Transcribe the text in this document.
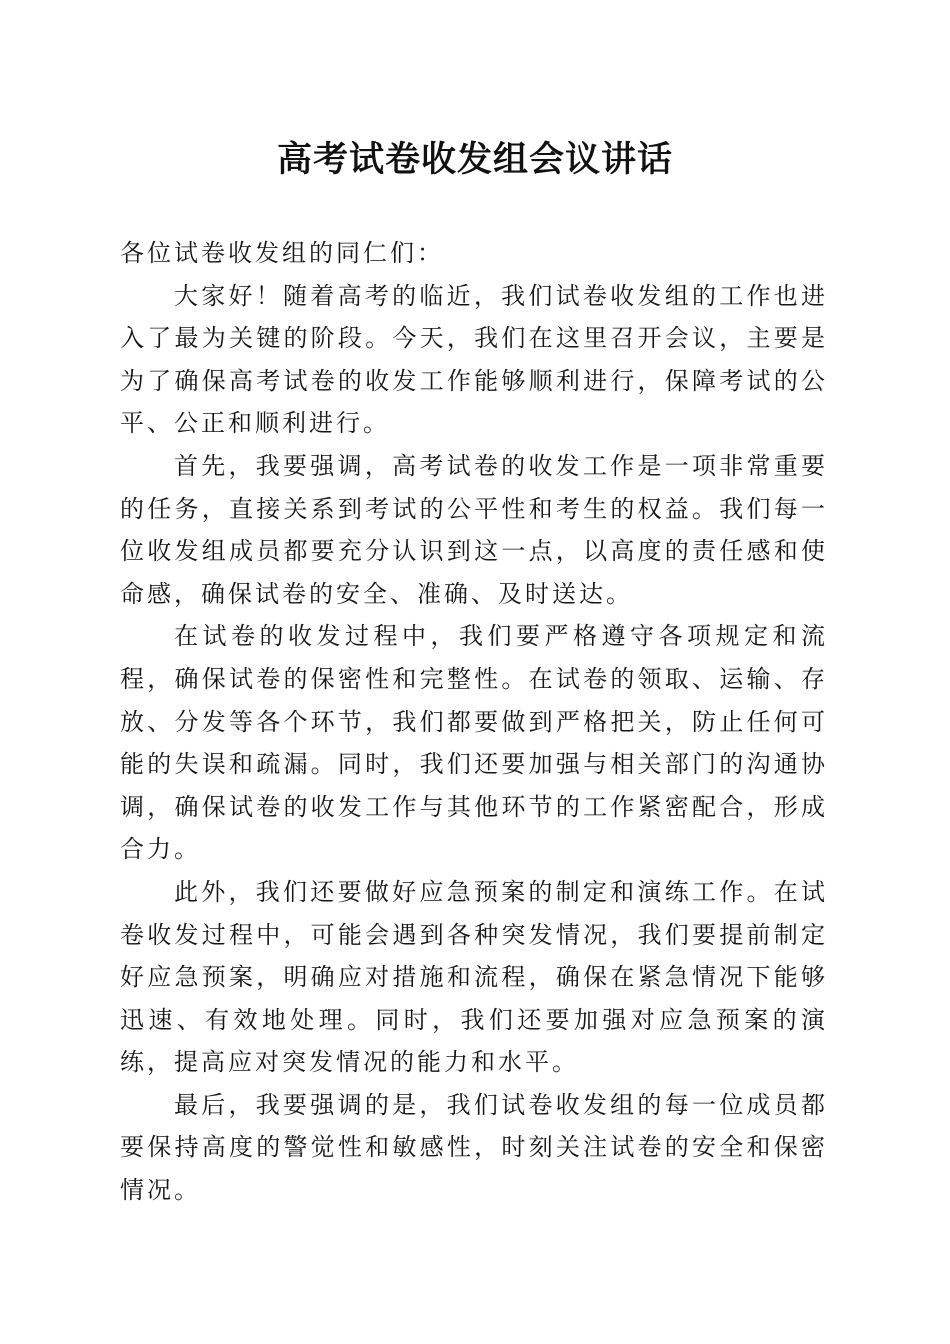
高考试卷收发组会议讲话

各位试卷收发组的同仁们：

大家好！随着高考的临近，我们试卷收发组的工作也进入了最为关键的阶段。今天，我们在这里召开会议，主要是为了确保高考试卷的收发工作能够顺利进行，保障考试的公平、公正和顺利进行。

首先，我要强调，高考试卷的收发工作是一项非常重要的任务，直接关系到考试的公平性和考生的权益。我们每一位收发组成员都要充分认识到这一点，以高度的责任感和使命感，确保试卷的安全、准确、及时送达。

在试卷的收发过程中，我们要严格遵守各项规定和流程，确保试卷的保密性和完整性。在试卷的领取、运输、存放、分发等各个环节，我们都要做到严格把关，防止任何可能的失误和疏漏。同时，我们还要加强与相关部门的沟通协调，确保试卷的收发工作与其他环节的工作紧密配合，形成合力。

此外，我们还要做好应急预案的制定和演练工作。在试卷收发过程中，可能会遇到各种突发情况，我们要提前制定好应急预案，明确应对措施和流程，确保在紧急情况下能够迅速、有效地处理。同时，我们还要加强对应急预案的演练，提高应对突发情况的能力和水平。

最后，我要强调的是，我们试卷收发组的每一位成员都要保持高度的警觉性和敏感性，时刻关注试卷的安全和保密情况。
